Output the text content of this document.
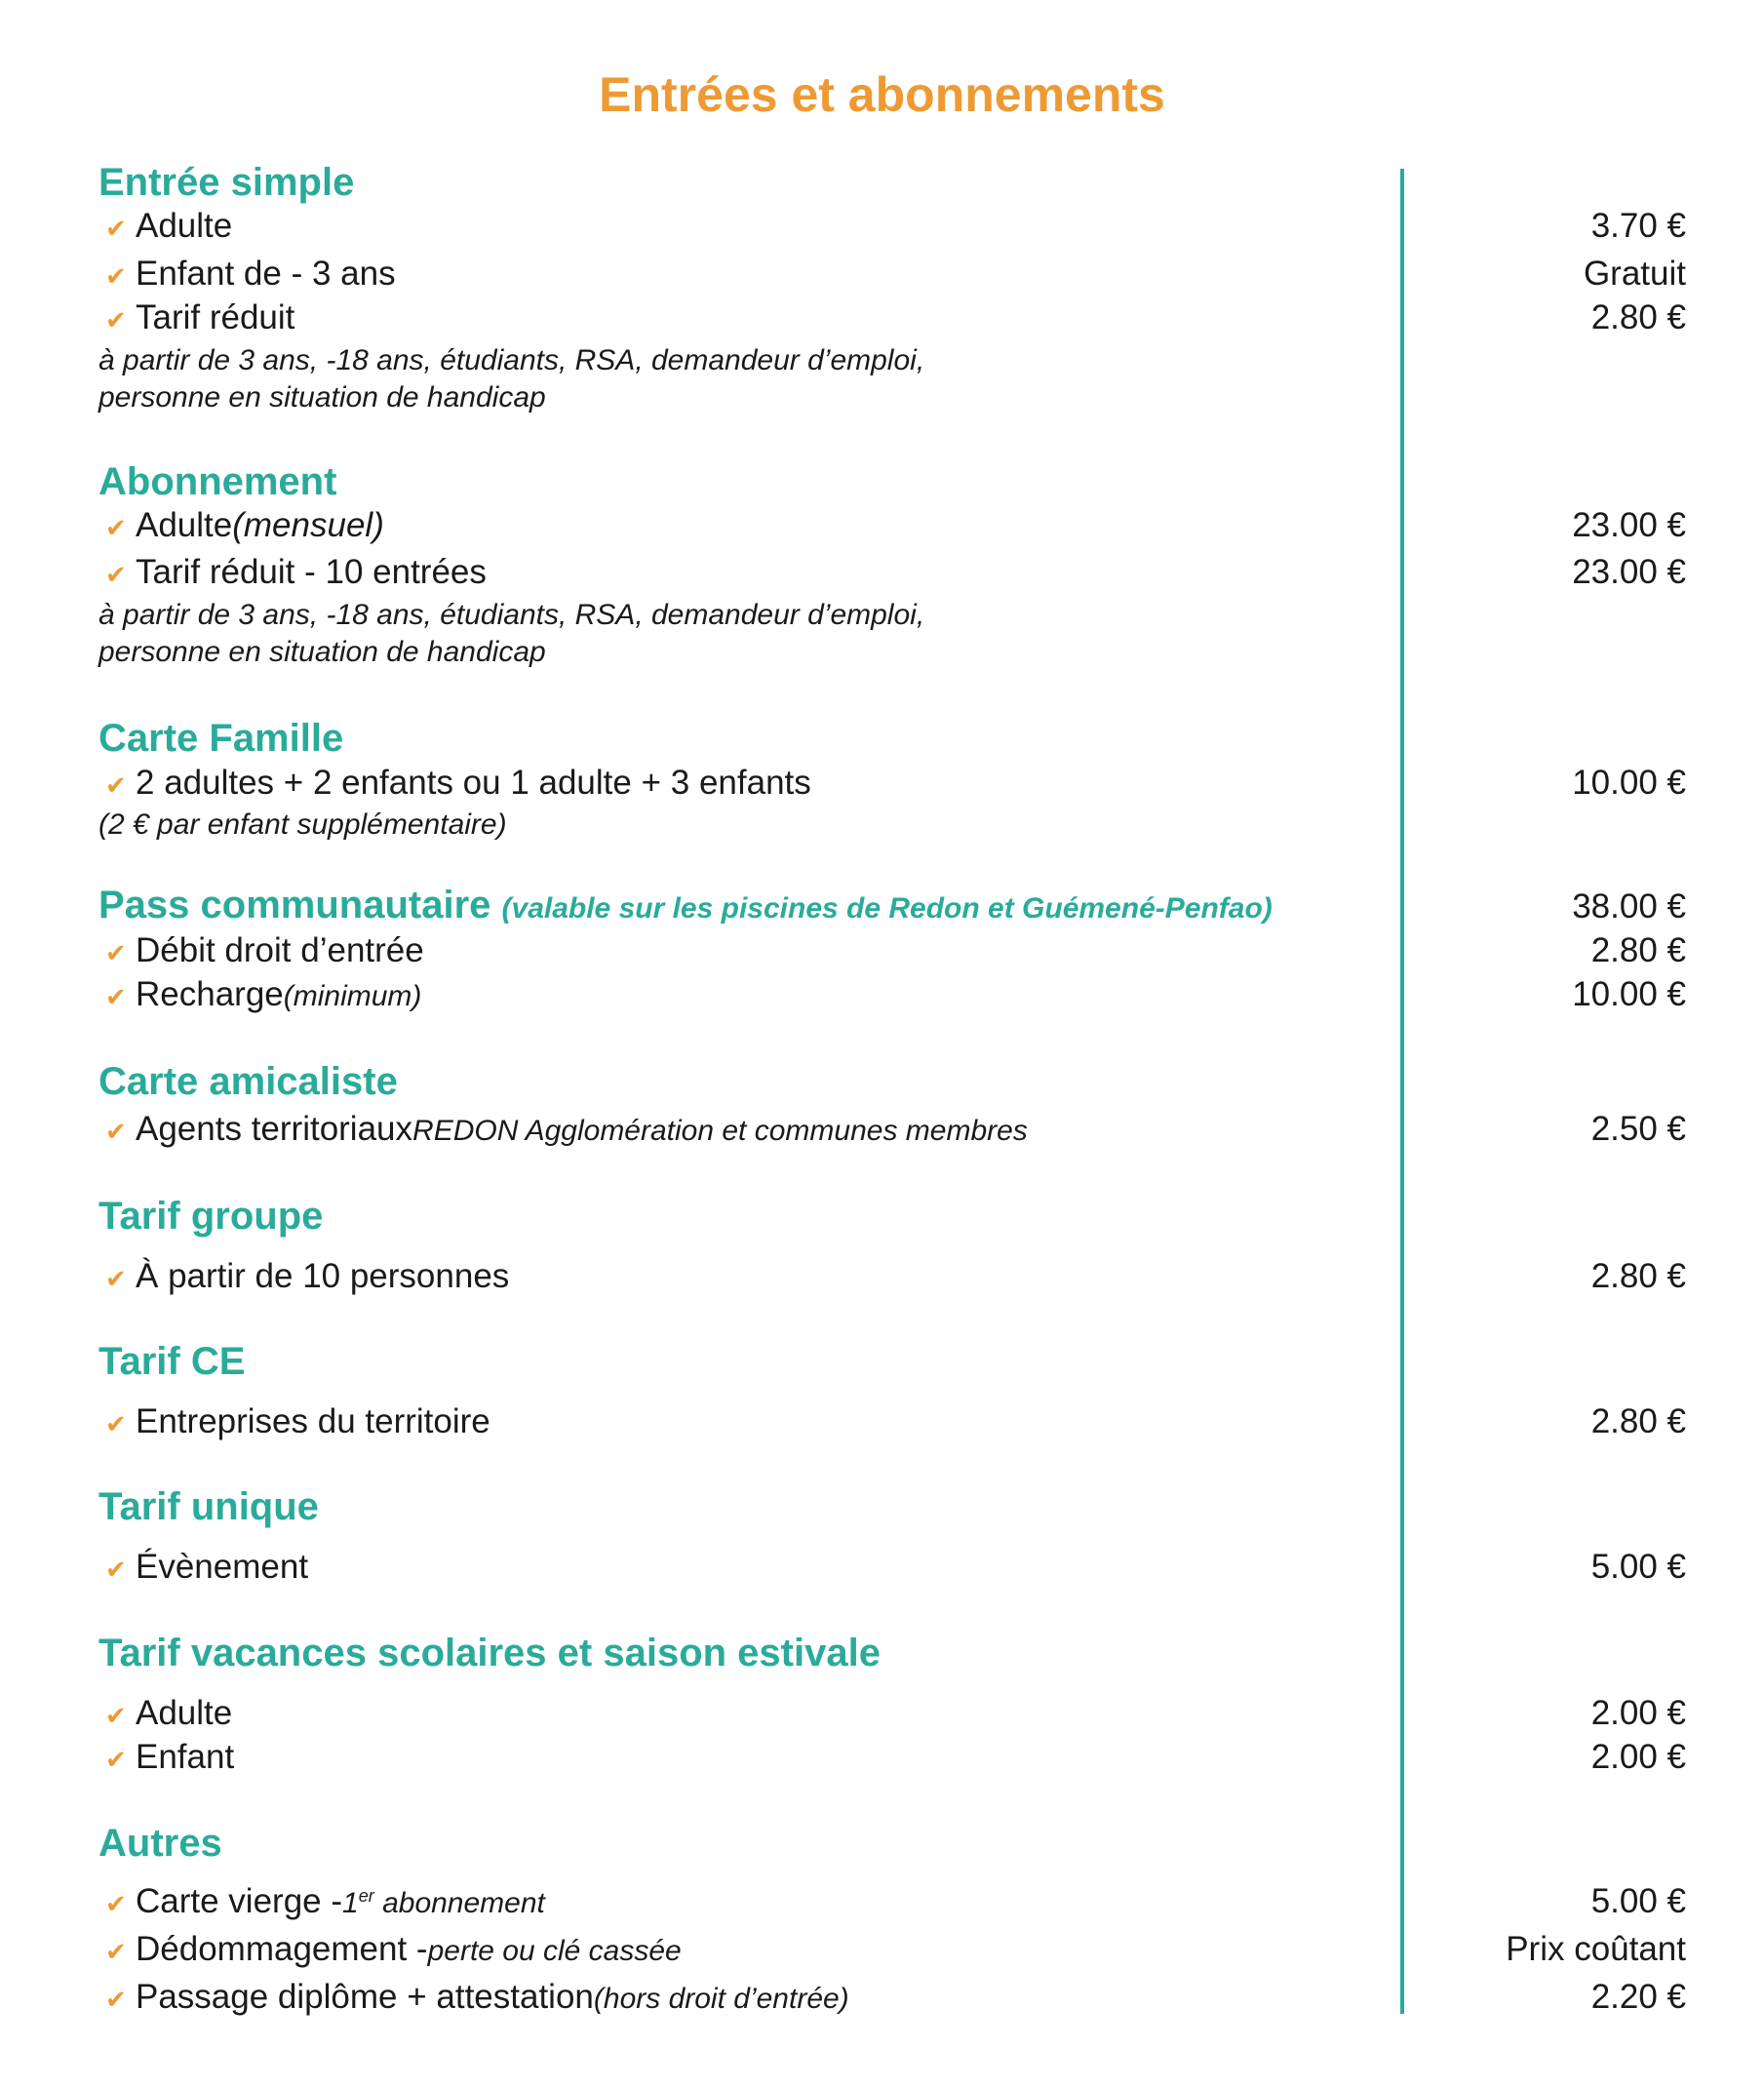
Entrées et abonnements
Entrée simple
✔ Adulte	3.70 €
✔ Enfant de - 3 ans	Gratuit
✔ Tarif réduit	2.80 €
à partir de 3 ans, -18 ans, étudiants, RSA, demandeur d’emploi,
personne en situation de handicap
Abonnement
✔ Adulte (mensuel)	23.00 €
✔ Tarif réduit - 10 entrées	23.00 €
à partir de 3 ans, -18 ans, étudiants, RSA, demandeur d’emploi,
personne en situation de handicap
Carte Famille
✔ 2 adultes + 2 enfants ou 1 adulte + 3 enfants	10.00 €
(2 € par enfant supplémentaire)
Pass communautaire (valable sur les piscines de Redon et Guémené-Penfao)	38.00 €
✔ Débit droit d’entrée	2.80 €
✔ Recharge (minimum)	10.00 €
Carte amicaliste
✔ Agents territoriaux REDON Agglomération et communes membres	2.50 €
Tarif groupe
✔ À partir de 10 personnes	2.80 €
Tarif CE
✔ Entreprises du territoire	2.80 €
Tarif unique
✔ Évènement	5.00 €
Tarif vacances scolaires et saison estivale
✔ Adulte	2.00 €
✔ Enfant	2.00 €
Autres
✔ Carte vierge - 1er abonnement	5.00 €
✔ Dédommagement - perte ou clé cassée	Prix coûtant
✔ Passage diplôme + attestation (hors droit d’entrée)	2.20 €
